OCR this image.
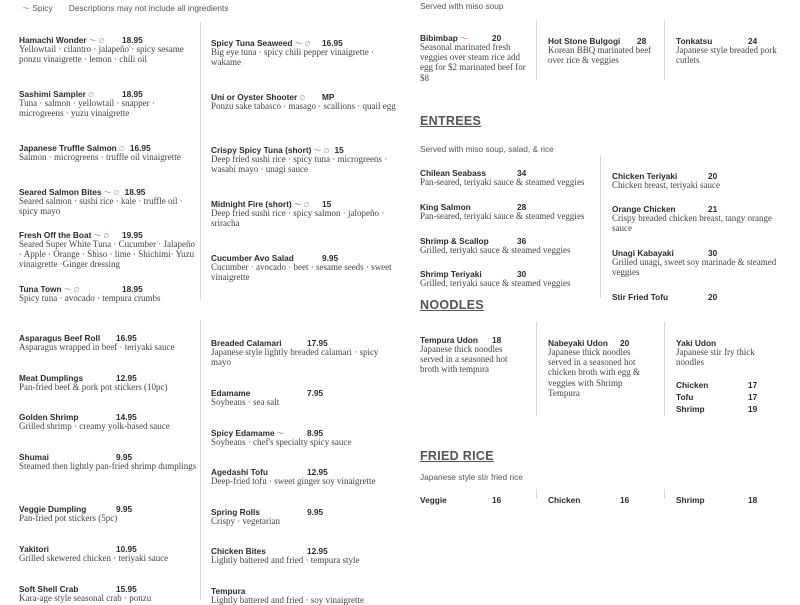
〜 Spicy Descriptions may not include all ingredients	Served with miso soup
ENTREES
Served with miso soup, salad, & rice
NOODLES
FRIED RICE
Japanese style stir fried rice
Hamachi Wonder 〜 ∅	18.95
Yellowtail · cilantro · jalapeño · spicy sesame ponzu vinaigrette · lemon · chili oil
Sashimi Sampler ∅	18.95
Tuna · salmon · yellowtail · snapper · microgreens · yuzu vinaigrette
Japanese Truffle Salmon ∅ 16.95
Salmon · microgreens · truffle oil vinaigrette
Seared Salmon Bites 〜 ∅ 18.95
Seared salmon · sushi rice · kale · truffle oil · spicy mayo
Fresh Off the Boat 〜 ∅	19.95
Seared Super White Tuna · Cucumber · Jalapeño · Apple · Orange · Shiso · lime · Shichimi· Yuzu vinaigrette ·Ginger dressing
Tuna Town 〜 ∅	18.95
Spicy tuna · avocado · tempura crumbs
Spicy Tuna Seaweed 〜 ∅	16.95
Big eye tuna · spicy chili pepper vinaigrette · wakame
Uni or Oyster Shooter ∅	MP
Ponzu sake tabasco · masago · scallions · quail egg
Crispy Spicy Tuna (short) 〜 ∅ 15
Deep fried sushi rice · spicy tuna · microgreens · wasabi mayo · unagi sauce
Midnight Fire (short) 〜 ∅	15
Deep fried sushi rice · spicy salmon · jalopeño · sriracha
Cucumber Avo Salad	9.95
Cucumber · avocado · beet · sesame seeds · sweet vinaigrette
Asparagus Beef Roll	16.95
Asparagus wrapped in beef · teriyaki sauce
Meat Dumplings	12.95
Pan-fried beef & pork pot stickers (10pc)
Golden Shrimp	14.95
Grilled shrimp · creamy yolk-based sauce
Shumai	9.95
Steamed then lightly pan-fried shrimp dumplings
Veggie Dumpling	9.95
Pan-fried pot stickers (5pc)
Yakitori	10.95
Grilled skewered chicken · teriyaki sauce
Soft Shell Crab	15.95
Kara-age style seasonal crab · ponzu
Breaded Calamari	17.95
Japanese style lightly breaded calamari · spicy mayo
Edamame	7.95
Soybeans · sea salt
Spicy Edamame 〜	8.95
Soybeans · chef's specialty spicy sauce
Agedashi Tofu	12.95
Deep-fried tofu · sweet ginger soy vinaigrette
Spring Rolls	9.95
Crispy · vegetarian
Chicken Bites	12.95
Lightly battered and fried · tempura style
Tempura
Lightly battered and fried · soy vinaigrette
Bibimbap 〜	20
Seasonal marinated fresh veggies over steam rice add egg for $2 marinated beef for $8
Hot Stone Bulgogi	28
Korean BBQ marinated beef over rice & veggies
Tonkatsu	24
Japanese style breaded pork cutlets
Chilean Seabass	34
Pan-seared, teriyaki sauce & steamed veggies
King Salmon	28
Pan-seared, teriyaki sauce & steamed veggies
Shrimp & Scallop	36
Grilled, teriyaki sauce & steamed veggies
Shrimp Teriyaki	30
Grilled, teriyaki sauce & steamed veggies
Chicken Teriyaki	20
Chicken breast, teriyaki sauce
Orange Chicken	21
Crispy breaded chicken breast, tangy orange sauce
Unagi Kabayaki	30
Grilled unagi, sweet soy marinade & steamed veggies
Stir Fried Tofu	20
Tempura Udon	18
Japanese thick noodles served in a seasoned hot broth with tempura
Nabeyaki Udon	20
Japanese thick noodles served in a seasoned hot chicken broth with egg & veggies with Shrimp Tempura
Yaki Udon
Japanese stir fry thick noodles
Chicken	17
Tofu	17
Shrimp	19
Veggie	16	Chicken	16	Shrimp	18
